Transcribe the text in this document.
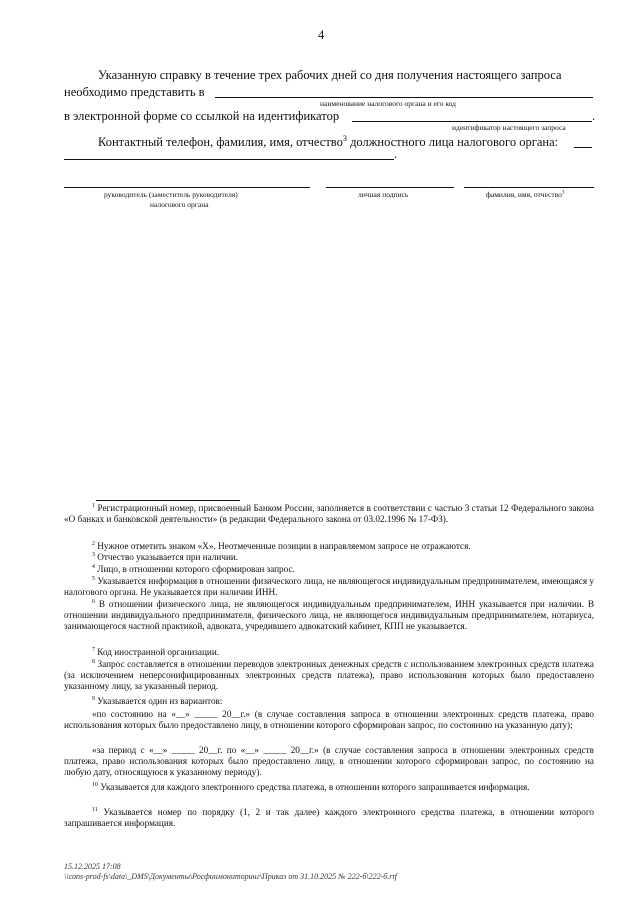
4
Указанную справку в течение трех рабочих дней со дня получения настоящего запроса
необходимо представить в
наименование налогового органа и его код
в электронной форме со ссылкой на идентификатор	.
идентификатор настоящего запроса
Контактный телефон, фамилия, имя, отчество$^3$ должностного лица налогового органа:
.
руководитель (заместитель руководителя)
налогового органа
личная подпись	фамилия, имя, отчество$^3$
$^1$ Регистрационный номер, присвоенный Банком России, заполняется в соответствии с частью 3 статьи 12 Федерального закона «О банках и банковской деятельности» (в редакции Федерального закона от 03.02.1996 № 17-ФЗ).
$^2$ Нужное отметить знаком «Х». Неотмеченные позиции в направляемом запросе не отражаются.
$^3$ Отчество указывается при наличии.
$^4$ Лицо, в отношении которого сформирован запрос.
$^5$ Указывается информация в отношении физического лица, не являющегося индивидуальным предпринимателем, имеющаяся у налогового органа. Не указывается при наличии ИНН.
$^6$ В отношении физического лица, не являющегося индивидуальным предпринимателем, ИНН указывается при наличии. В отношении индивидуального предпринимателя, физического лица, не являющегося индивидуальным предпринимателем, нотариуса, занимающегося частной практикой, адвоката, учредившего адвокатский кабинет, КПП не указывается.
$^7$ Код иностранной организации.
$^8$ Запрос составляется в отношении переводов электронных денежных средств с использованием электронных средств платежа (за исключением неперсонифицированных электронных средств платежа), право использования которых было предоставлено указанному лицу, за указанный период.
$^9$ Указывается один из вариантов:
«по состоянию на «__» _____ 20__г.» (в случае составления запроса в отношении электронных средств платежа, право использования которых было предоставлено лицу, в отношении которого сформирован запрос, по состоянию на указанную дату);
«за период с «__» _____ 20__г. по «__» _____ 20__г.» (в случае составления запроса в отношении электронных средств платежа, право использования которых было предоставлено лицу, в отношении которого сформирован запрос, по состоянию на любую дату, относящуюся к указанному периоду).
$^{10}$ Указывается для каждого электронного средства платежа, в отношении которого запрашивается информация.
$^{11}$ Указывается номер по порядку (1, 2 и так далее) каждого электронного средства платежа, в отношении которого запрашивается информация.
15.12.2025 17:08
\\cons-prod-fs\data\_DMS\Документы\Росфинмониторинг\Приказ от 31.10.2025 № 222-б\222-б.rtf
